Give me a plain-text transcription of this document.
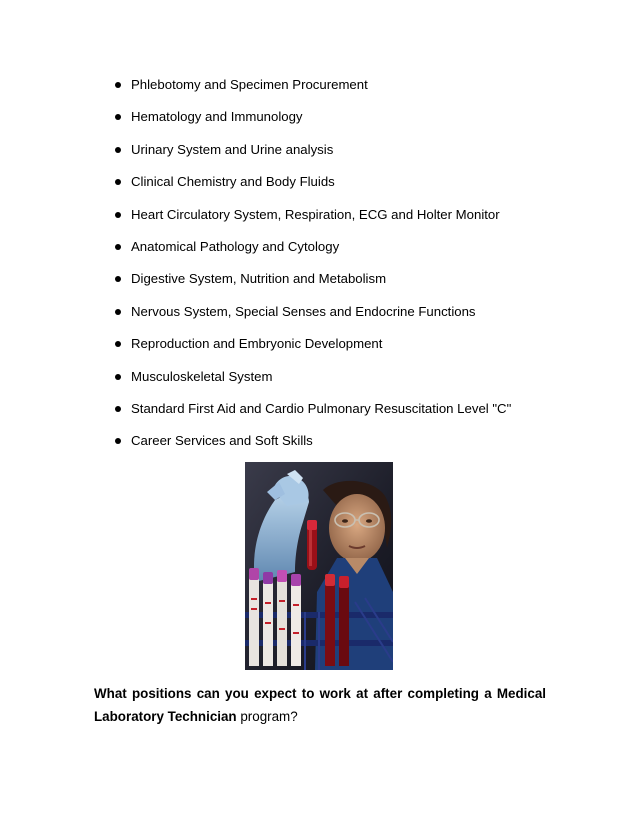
Phlebotomy and Specimen Procurement
Hematology and Immunology
Urinary System and Urine analysis
Clinical Chemistry and Body Fluids
Heart Circulatory System, Respiration, ECG and Holter Monitor
Anatomical Pathology and Cytology
Digestive System, Nutrition and Metabolism
Nervous System, Special Senses and Endocrine Functions
Reproduction and Embryonic Development
Musculoskeletal System
Standard First Aid and Cardio Pulmonary Resuscitation Level "C"
Career Services and Soft Skills
What positions can you expect to work at after completing a Medical Laboratory Technician program?
